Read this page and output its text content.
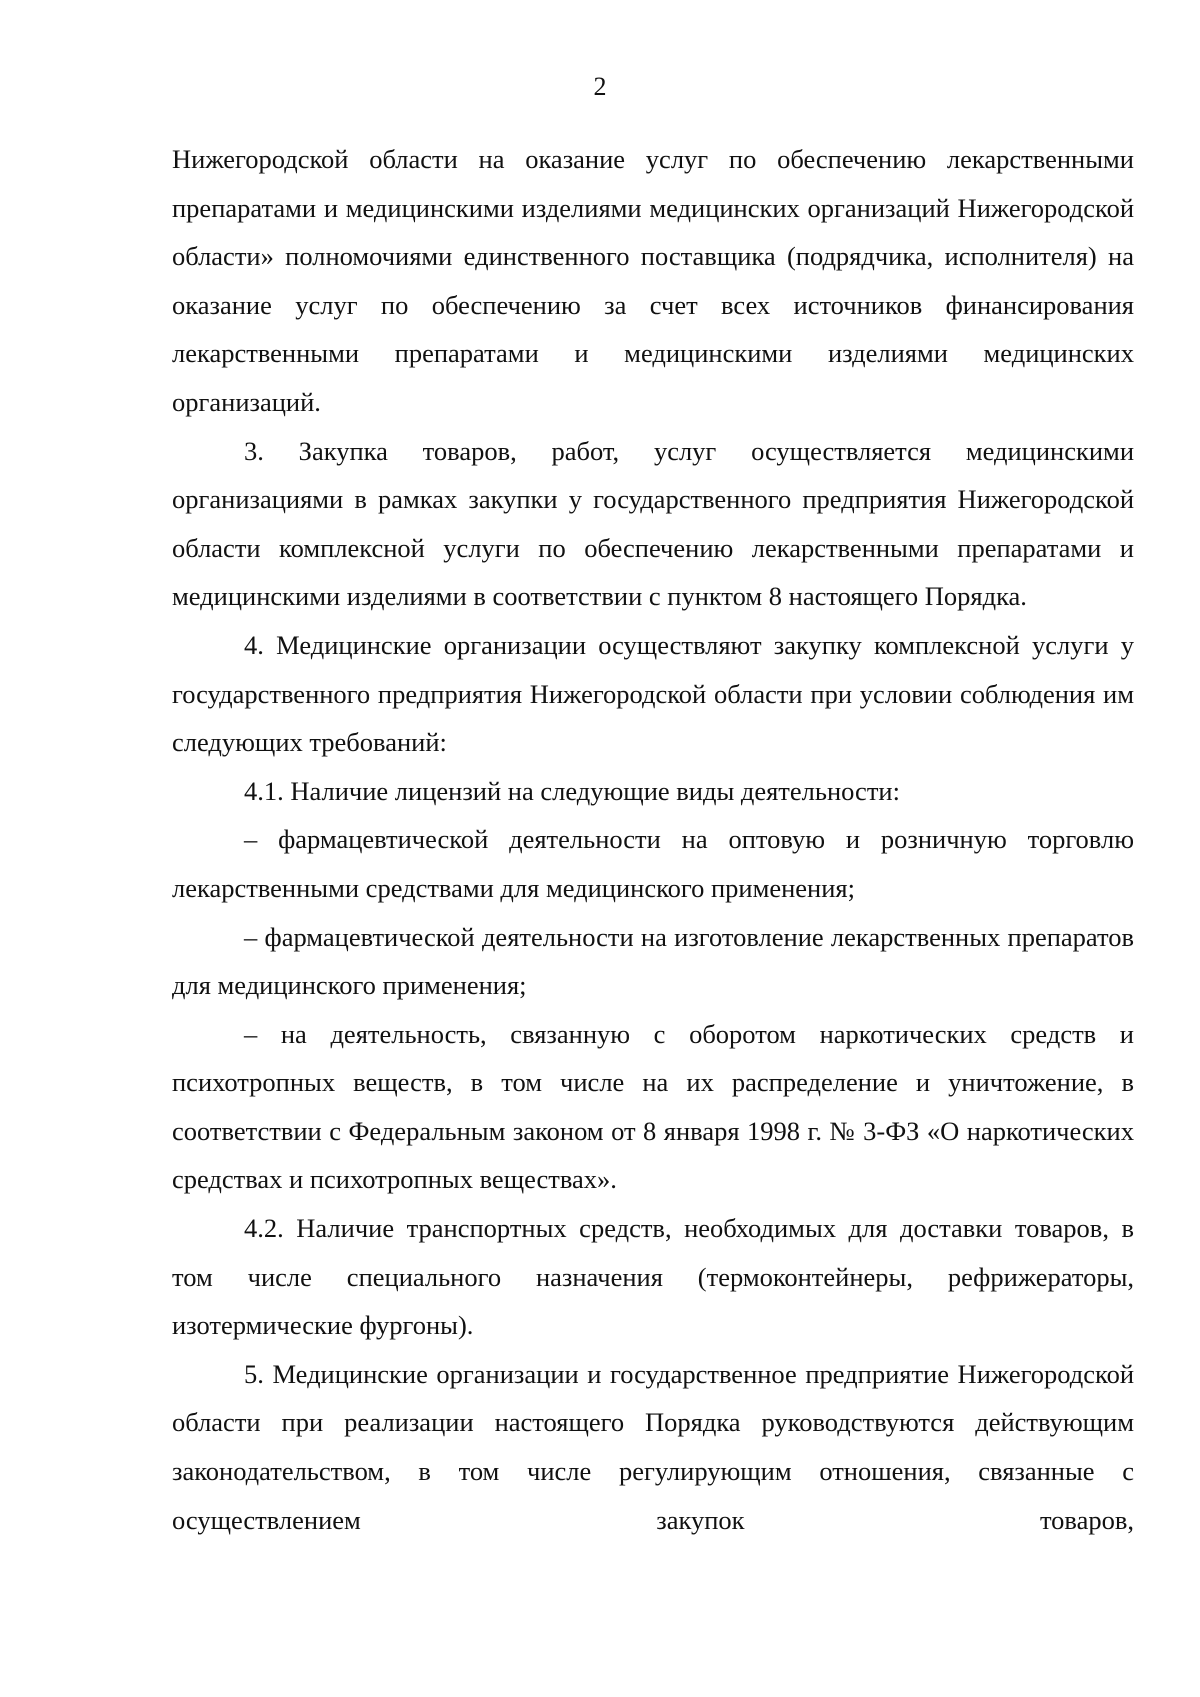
2

Нижегородской области на оказание услуг по обеспечению лекарственными препаратами и медицинскими изделиями медицинских организаций Нижегородской области» полномочиями единственного поставщика (подрядчика, исполнителя) на оказание услуг по обеспечению за счет всех источников финансирования лекарственными препаратами и медицинскими изделиями медицинских организаций.

3. Закупка товаров, работ, услуг осуществляется медицинскими организациями в рамках закупки у государственного предприятия Нижегородской области комплексной услуги по обеспечению лекарственными препаратами и медицинскими изделиями в соответствии с пунктом 8 настоящего Порядка.

4. Медицинские организации осуществляют закупку комплексной услуги у государственного предприятия Нижегородской области при условии соблюдения им следующих требований:

4.1. Наличие лицензий на следующие виды деятельности:

– фармацевтической деятельности на оптовую и розничную торговлю лекарственными средствами для медицинского применения;

– фармацевтической деятельности на изготовление лекарственных препаратов для медицинского применения;

– на деятельность, связанную с оборотом наркотических средств и психотропных веществ, в том числе на их распределение и уничтожение, в соответствии с Федеральным законом от 8 января 1998 г. № 3-ФЗ «О наркотических средствах и психотропных веществах».

4.2. Наличие транспортных средств, необходимых для доставки товаров, в том числе специального назначения (термоконтейнеры, рефрижераторы, изотермические фургоны).

5. Медицинские организации и государственное предприятие Нижегородской области при реализации настоящего Порядка руководствуются действующим законодательством, в том числе регулирующим отношения, связанные с осуществлением закупок товаров,
